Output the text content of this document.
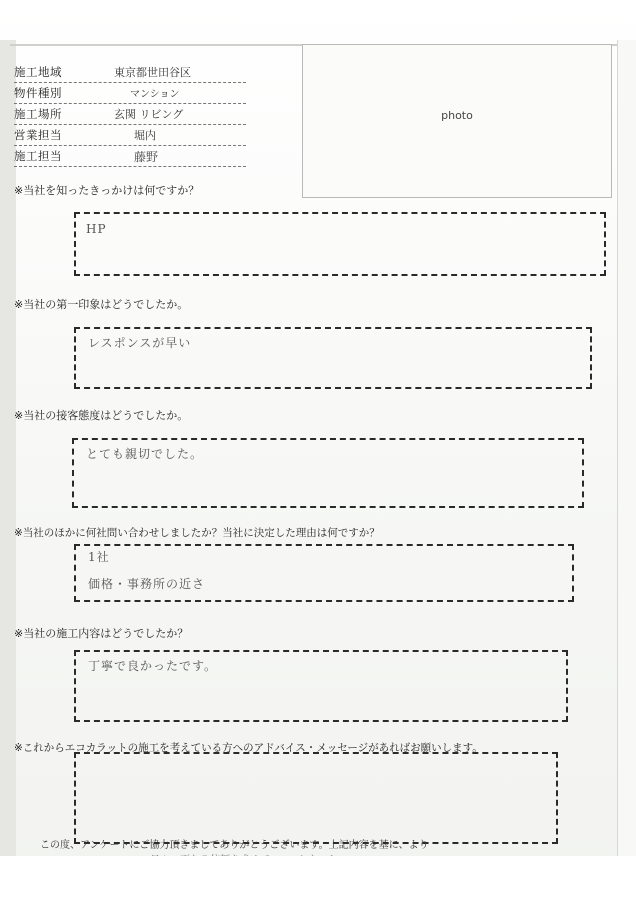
施工地域	東京都世田谷区
物件種別	マンション
施工場所	玄関 リビング
営業担当	堀内
施工担当	藤野
photo
※当社を知ったきっかけは何ですか？
HP
※当社の第一印象はどうでしたか。
レスポンスが早い
※当社の接客態度はどうでしたか。
とても親切でした。
※当社のほかに何社問い合わせしましたか？当社に決定した理由は何ですか？
1社
価格・事務所の近さ
※当社の施工内容はどうでしたか？
丁寧で良かったです。
※これからエコカラットの施工を考えている方へのアドバイス・メッセージがあればお願いします。
この度、アンケートにご協力頂きましてありがとうございます。上記内容を基に、より
